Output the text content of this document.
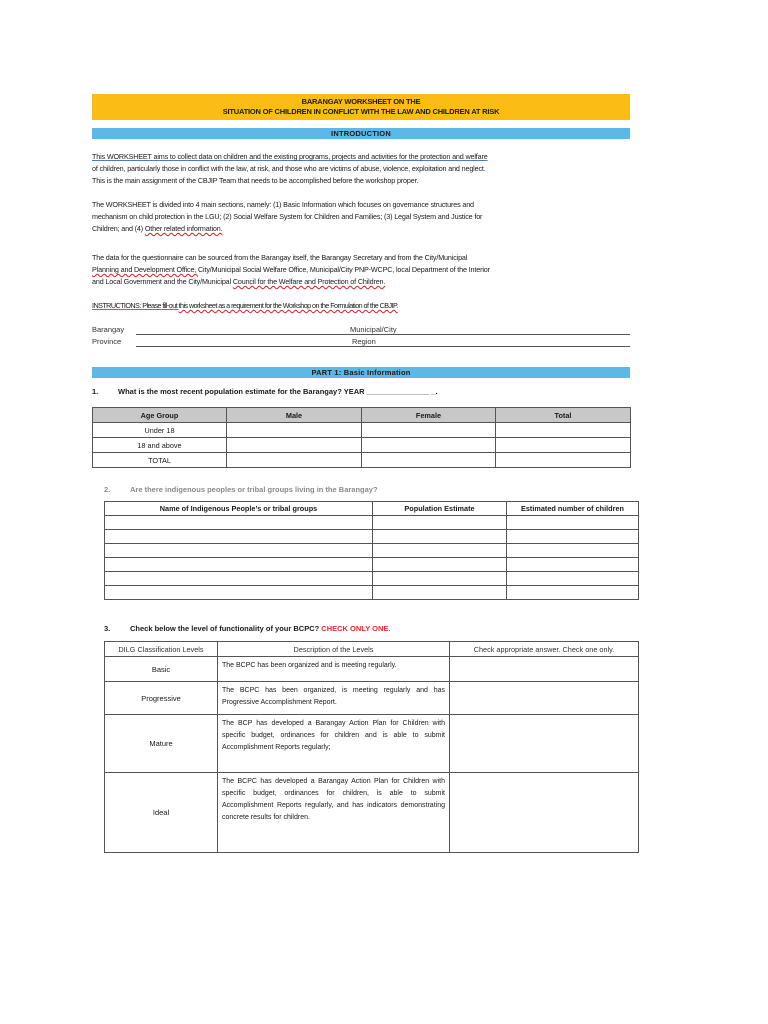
BARANGAY WORKSHEET ON THE
SITUATION OF CHILDREN IN CONFLICT WITH THE LAW AND CHILDREN AT RISK
INTRODUCTION
This WORKSHEET aims to collect data on children and the existing programs, projects and activities for the protection and welfare
of children, particularly those in conflict with the law, at risk, and those who are victims of abuse, violence, exploitation and neglect.
This is the main assignment of the CBJIP Team that needs to be accomplished before the workshop proper.
The WORKSHEET is divided into 4 main sections, namely: (1) Basic Information which focuses on governance structures and
mechanism on child protection in the LGU; (2) Social Welfare System for Children and Families; (3) Legal System and Justice for
Children; and (4) Other related information.
The data for the questionnaire can be sourced from the Barangay itself, the Barangay Secretary and from the City/Municipal
Planning and Development Office, City/Municipal Social Welfare Office, Municipal/City PNP-WCPC, local Department of the Interior
and Local Government and the City/Municipal Council for the Welfare and Protection of Children.
INSTRUCTIONS: Please fill-out this worksheet as a requirement for the Workshop on the Formulation of the CBJIP.
Barangay	Municipal/City
Province	Region
PART 1: Basic Information
1.	What is the most recent population estimate for the Barangay? YEAR _______________ _.
Age Group	Male	Female	Total
Under 18			
18 and above			
TOTAL			
2.	Are there indigenous peoples or tribal groups living in the Barangay?
Name of Indigenous People’s or tribal groups	Population Estimate	Estimated number of children

3.	Check below the level of functionality of your BCPC? CHECK ONLY ONE.
DILG Classification Levels	Description of the Levels	Check appropriate answer. Check one only.
Basic	The BCPC has been organized and is meeting regularly.	
Progressive	The BCPC has been organized, is meeting regularly and has Progressive Accomplishment Report.	
Mature	The BCP has developed a Barangay Action Plan for Children with specific budget, ordinances for children and is able to submit Accomplishment Reports regularly;	
Ideal	The BCPC has developed a Barangay Action Plan for Children with specific budget, ordinances for children, is able to submit Accomplishment Reports regularly, and has indicators demonstrating concrete results for children.	
